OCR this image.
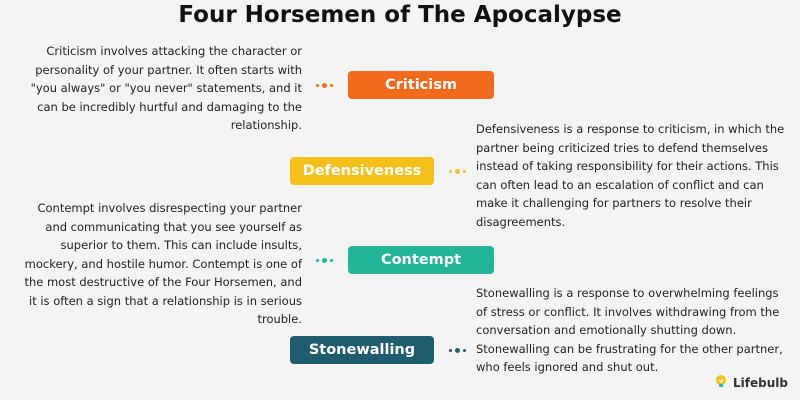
Four Horsemen of The Apocalypse
Criticism involves attacking the character or personality of your partner. It often starts with "you always" or "you never" statements, and it can be incredibly hurtful and damaging to the relationship.
Criticism
Defensiveness
Defensiveness is a response to criticism, in which the partner being criticized tries to defend themselves instead of taking responsibility for their actions. This can often lead to an escalation of conflict and can make it challenging for partners to resolve their disagreements.
Contempt involves disrespecting your partner and communicating that you see yourself as superior to them. This can include insults, mockery, and hostile humor. Contempt is one of the most destructive of the Four Horsemen, and it is often a sign that a relationship is in serious trouble.
Contempt
Stonewalling
Stonewalling is a response to overwhelming feelings of stress or conflict. It involves withdrawing from the conversation and emotionally shutting down. Stonewalling can be frustrating for the other partner, who feels ignored and shut out.
Lifebulb
